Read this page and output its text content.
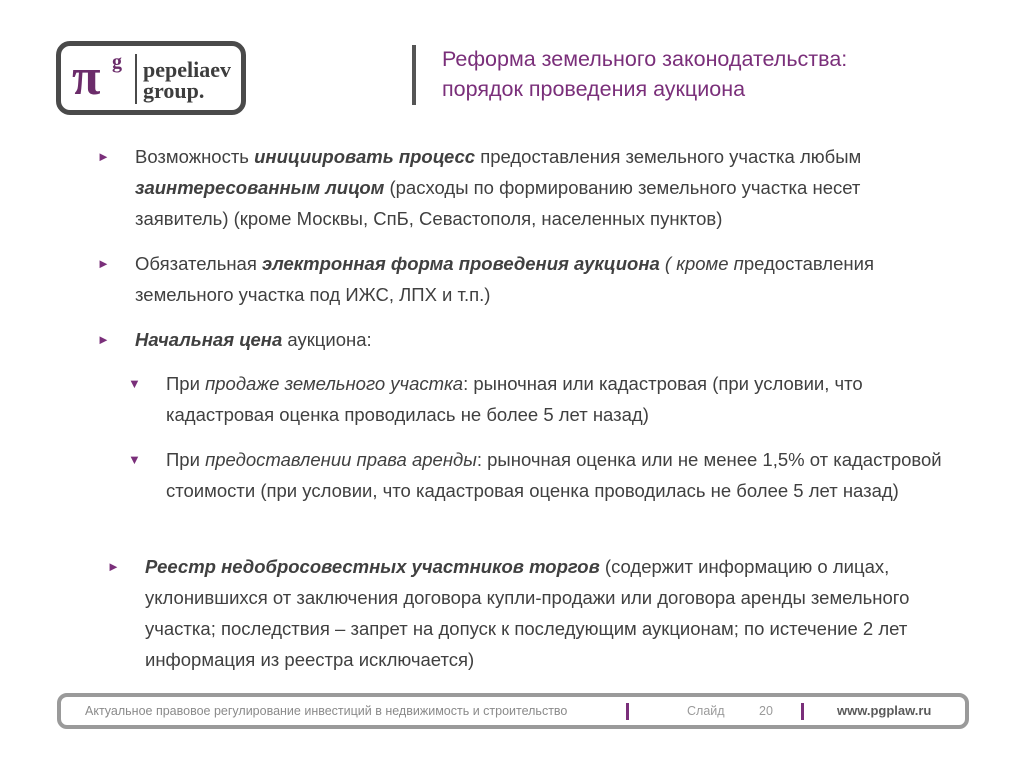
π g pepeliaev
group.
Реформа земельного законодательства:
порядок проведения аукциона
► Возможность инициировать процесс предоставления земельного участка любым заинтересованным лицом (расходы по формированию земельного участка несет заявитель) (кроме Москвы, СпБ, Севастополя, населенных пунктов)
► Обязательная электронная форма проведения аукциона ( кроме предоставления земельного участка под ИЖС, ЛПХ и т.п.)
► Начальная цена аукциона:
▼ При продаже земельного участка: рыночная или кадастровая (при условии, что кадастровая оценка проводилась не более 5 лет назад)
▼ При предоставлении права аренды: рыночная оценка или не менее 1,5% от кадастровой стоимости (при условии, что кадастровая оценка проводилась не более 5 лет назад)
► Реестр недобросовестных участников торгов (содержит информацию о лицах, уклонившихся от заключения договора купли-продажи или договора аренды земельного участка; последствия – запрет на допуск к последующим аукционам; по истечение 2 лет информация из реестра исключается)
Актуальное правовое регулирование инвестиций в недвижимость и строительство	Слайд	20	www.pgplaw.ru
